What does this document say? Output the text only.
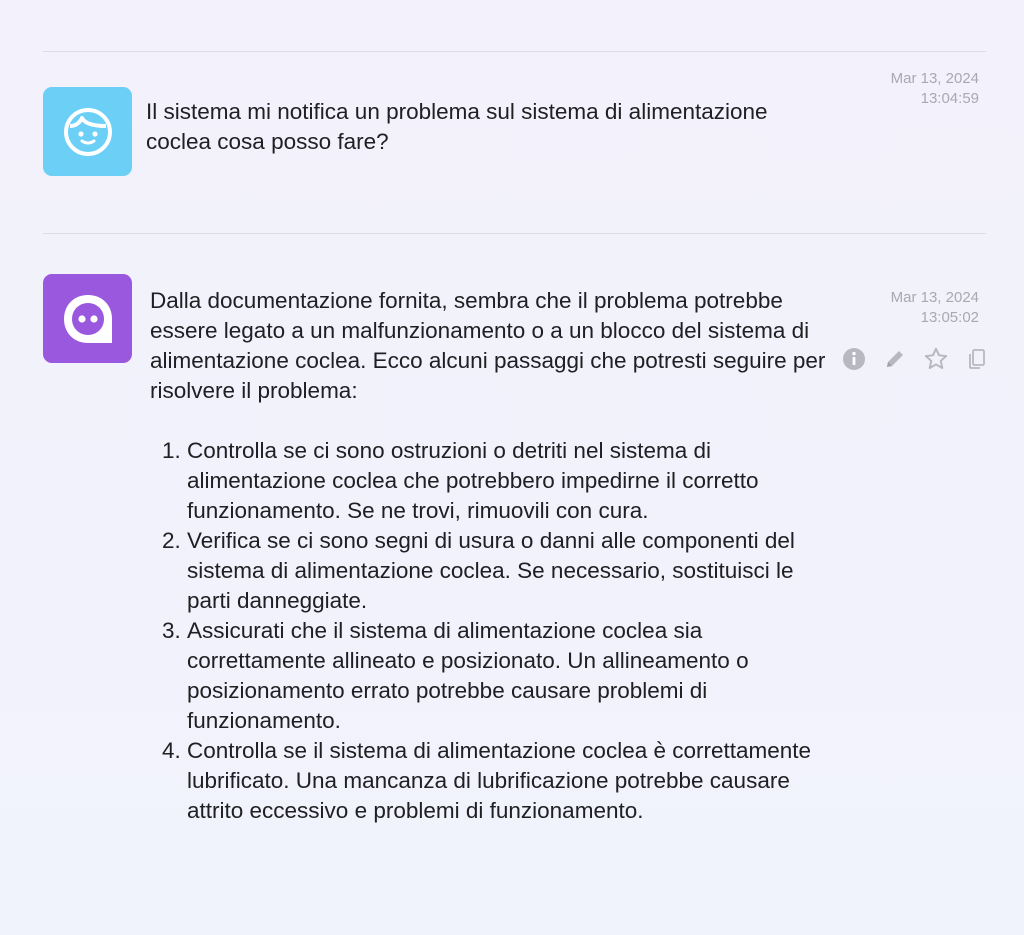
Il sistema mi notifica un problema sul sistema di alimentazione coclea cosa posso fare?
Mar 13, 2024
13:04:59

Dalla documentazione fornita, sembra che il problema potrebbe essere legato a un malfunzionamento o a un blocco del sistema di alimentazione coclea. Ecco alcuni passaggi che potresti seguire per risolvere il problema:

1. Controlla se ci sono ostruzioni o detriti nel sistema di alimentazione coclea che potrebbero impedirne il corretto funzionamento. Se ne trovi, rimuovili con cura.
2. Verifica se ci sono segni di usura o danni alle componenti del sistema di alimentazione coclea. Se necessario, sostituisci le parti danneggiate.
3. Assicurati che il sistema di alimentazione coclea sia correttamente allineato e posizionato. Un allineamento o posizionamento errato potrebbe causare problemi di funzionamento.
4. Controlla se il sistema di alimentazione coclea è correttamente lubrificato. Una mancanza di lubrificazione potrebbe causare attrito eccessivo e problemi di funzionamento.
Mar 13, 2024
13:05:02
